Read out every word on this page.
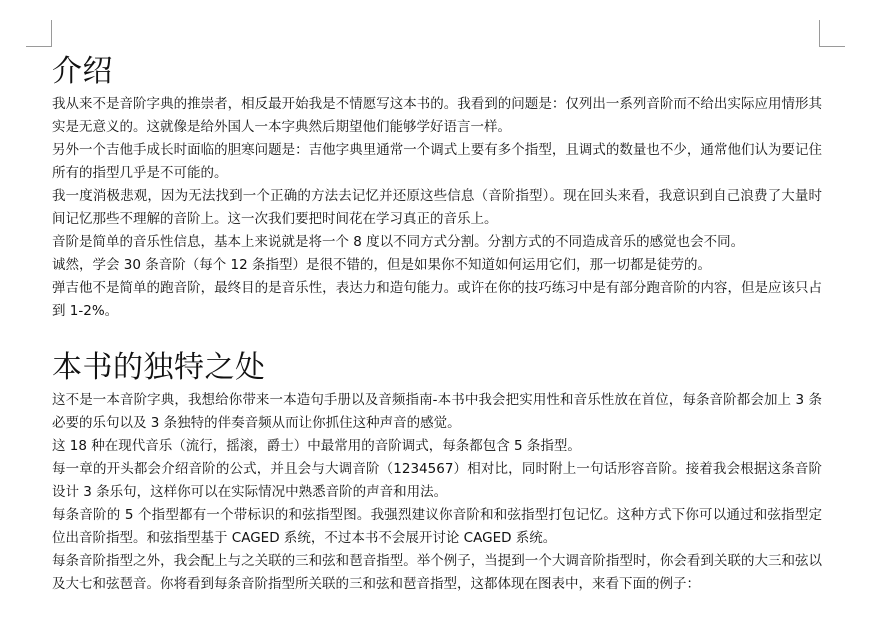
介绍

我从来不是音阶字典的推崇者，相反最开始我是不情愿写这本书的。我看到的问题是：仅列出一系列音阶而不给出实际应用情形其实是无意义的。这就像是给外国人一本字典然后期望他们能够学好语言一样。

另外一个吉他手成长时面临的胆寒问题是：吉他字典里通常一个调式上要有多个指型，且调式的数量也不少，通常他们认为要记住所有的指型几乎是不可能的。

我一度消极悲观，因为无法找到一个正确的方法去记忆并还原这些信息（音阶指型）。现在回头来看，我意识到自己浪费了大量时间记忆那些不理解的音阶上。这一次我们要把时间花在学习真正的音乐上。

音阶是简单的音乐性信息，基本上来说就是将一个 8 度以不同方式分割。分割方式的不同造成音乐的感觉也会不同。

诚然，学会 30 条音阶（每个 12 条指型）是很不错的，但是如果你不知道如何运用它们，那一切都是徒劳的。

弹吉他不是简单的跑音阶，最终目的是音乐性，表达力和造句能力。或许在你的技巧练习中是有部分跑音阶的内容，但是应该只占到 1-2%。

本书的独特之处

这不是一本音阶字典，我想给你带来一本造句手册以及音频指南-本书中我会把实用性和音乐性放在首位，每条音阶都会加上 3 条必要的乐句以及 3 条独特的伴奏音频从而让你抓住这种声音的感觉。

这 18 种在现代音乐（流行，摇滚，爵士）中最常用的音阶调式，每条都包含 5 条指型。

每一章的开头都会介绍音阶的公式，并且会与大调音阶（1234567）相对比，同时附上一句话形容音阶。接着我会根据这条音阶设计 3 条乐句，这样你可以在实际情况中熟悉音阶的声音和用法。

每条音阶的 5 个指型都有一个带标识的和弦指型图。我强烈建议你音阶和和弦指型打包记忆。这种方式下你可以通过和弦指型定位出音阶指型。和弦指型基于 CAGED 系统，不过本书不会展开讨论 CAGED 系统。

每条音阶指型之外，我会配上与之关联的三和弦和琶音指型。举个例子，当提到一个大调音阶指型时，你会看到关联的大三和弦以及大七和弦琶音。你将看到每条音阶指型所关联的三和弦和琶音指型，这都体现在图表中，来看下面的例子：
